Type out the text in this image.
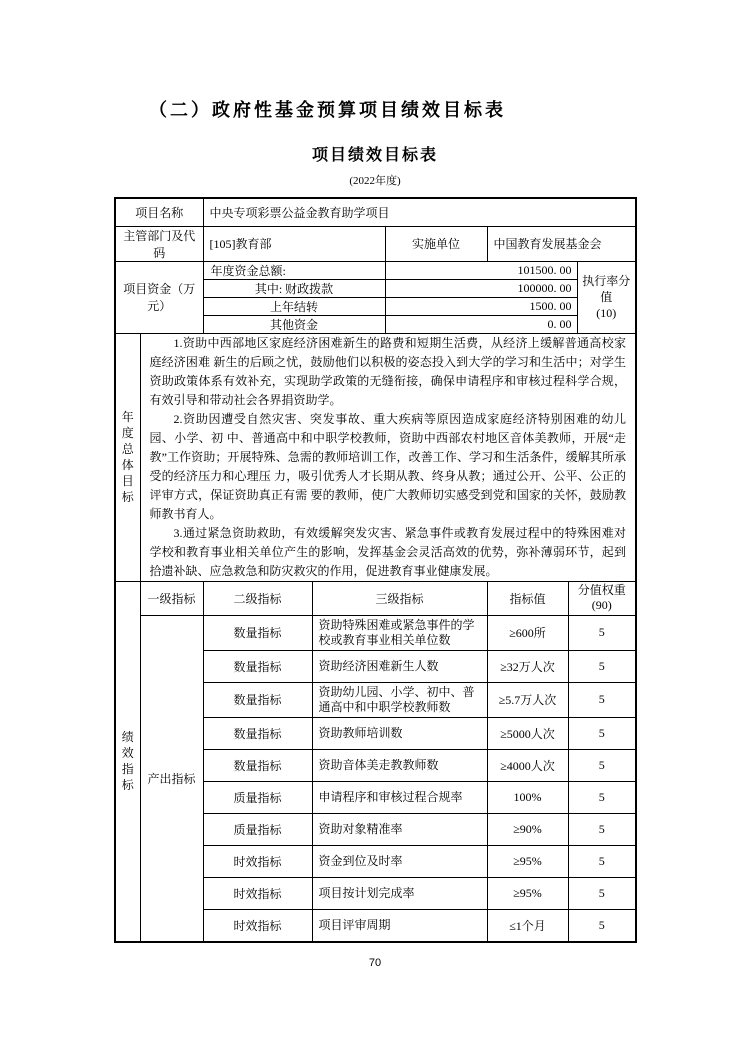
（二）政府性基金预算项目绩效目标表
项目绩效目标表
(2022年度)
项目名称		中央专项彩票公益金教育助学项目					
主管部门及代码		[105]教育部		实施单位	中国教育发展基金会		
项目资金（万元）		年度资金总额:		101500. 00			执行率分值
(10)

		其中: 财政拨款		100000. 00			
		上年结转		1500. 00			
		其他资金		0. 00			

年度
总体
目标

1.资助中西部地区家庭经济困难新生的路费和短期生活费，从经济上缓解普通高校家庭经济困难 新生的后顾之忧，鼓励他们以积极的姿态投入到大学的学习和生活中；对学生资助政策体系有效补充，实现助学政策的无缝衔接，确保申请程序和审核过程科学合规，有效引导和带动社会各界捐资助学。

2.资助因遭受自然灾害、突发事故、重大疾病等原因造成家庭经济特别困难的幼儿园、小学、初 中、普通高中和中职学校教师，资助中西部农村地区音体美教师，开展“走教”工作资助；开展特殊、急需的教师培训工作，改善工作、学习和生活条件，缓解其所承受的经济压力和心理压 力，吸引优秀人才长期从教、终身从教；通过公开、公平、公正的评审方式，保证资助真正有需 要的教师，使广大教师切实感受到党和国家的关怀，鼓励教师教书育人。

3.通过紧急资助救助，有效缓解突发灾害、紧急事件或教育发展过程中的特殊困难对学校和教育事业相关单位产生的影响，发挥基金会灵活高效的优势，弥补薄弱环节，起到拾遗补缺、应急救急和防灾救灾的作用，促进教育事业健康发展。

绩效
指标	一级指标	二级指标	三级指标		指标值	分值权重
(90)	

	产出指标	数量指标	资助特殊困难或紧急事件的学校或教育事业相关单位数		≥600所	5	
		数量指标	资助经济困难新生人数		≥32万人次	5	
		数量指标	资助幼儿园、小学、初中、普通高中和中职学校教师数		≥5.7万人次	5	
		数量指标	资助教师培训数		≥5000人次	5	
		数量指标	资助音体美走教教师数		≥4000人次	5	
		质量指标	申请程序和审核过程合规率		100%	5	
		质量指标	资助对象精准率		≥90%	5	
		时效指标	资金到位及时率		≥95%	5	
		时效指标	项目按计划完成率		≥95%	5	
		时效指标	项目评审周期		≤1个月	5	
70
